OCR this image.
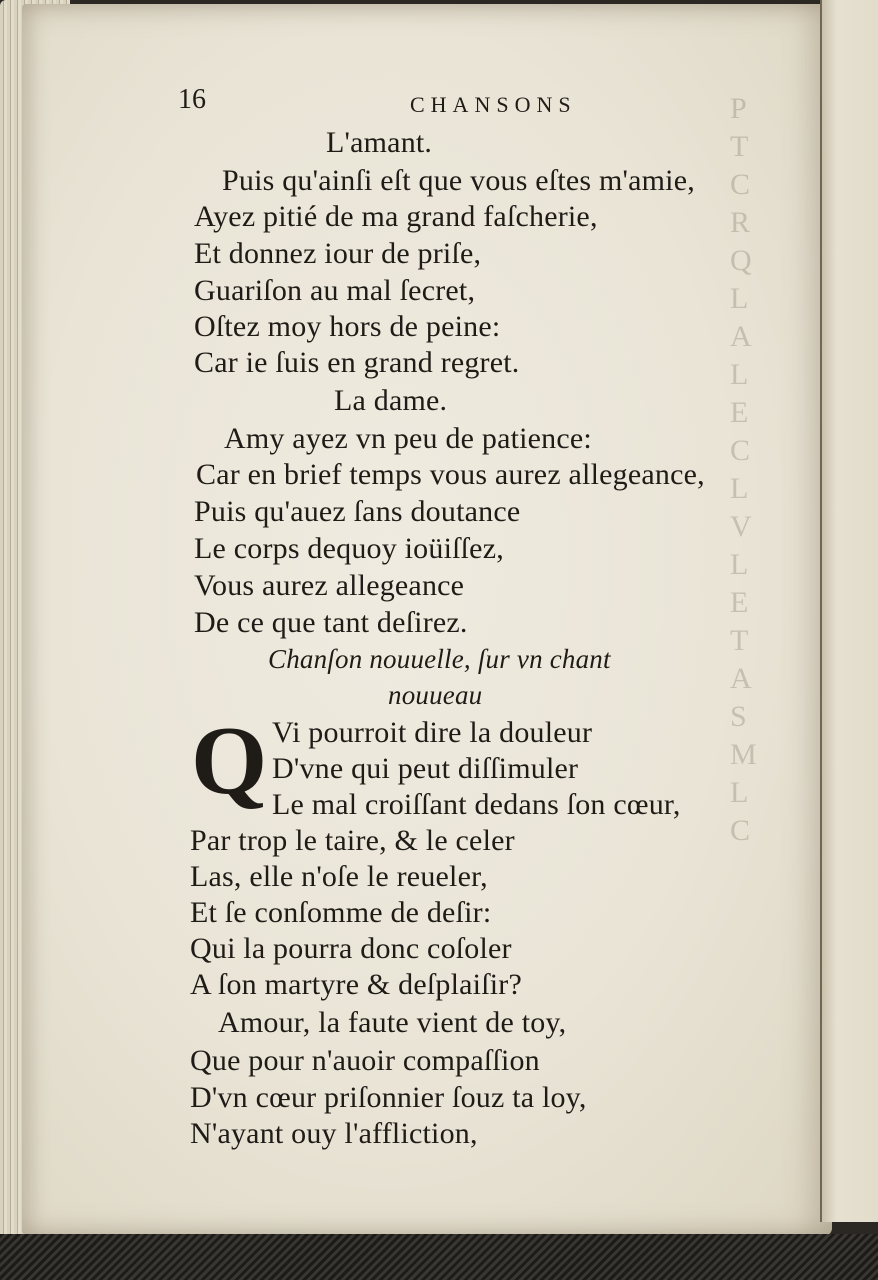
P
T
C
R
Q
L
A
L
E
C
L
V
L
E
T
A
S
M
L
C
16	CHANSONS
L'amant.
Puis qu'ainſi eſt que vous eſtes m'amie,
Ayez pitié de ma grand faſcherie,
Et donnez iour de priſe,
Guariſon au mal ſecret,
Oſtez moy hors de peine:
Car ie ſuis en grand regret.
La dame.
Amy ayez vn peu de patience:
Car en brief temps vous aurez allegeance,
Puis qu'auez ſans doutance
Le corps dequoy ioüiſſez,
Vous aurez allegeance
De ce que tant deſirez.
Chanſon nouuelle, ſur vn chant
nouueau
Q Vi pourroit dire la douleur
D'vne qui peut diſſimuler
Le mal croiſſant dedans ſon cœur,
Par trop le taire, & le celer
Las, elle n'oſe le reueler,
Et ſe conſomme de deſir:
Qui la pourra donc coſoler
A ſon martyre & deſplaiſir?
Amour, la faute vient de toy,
Que pour n'auoir compaſſion
D'vn cœur priſonnier ſouz ta loy,
N'ayant ouy l'affliction,
